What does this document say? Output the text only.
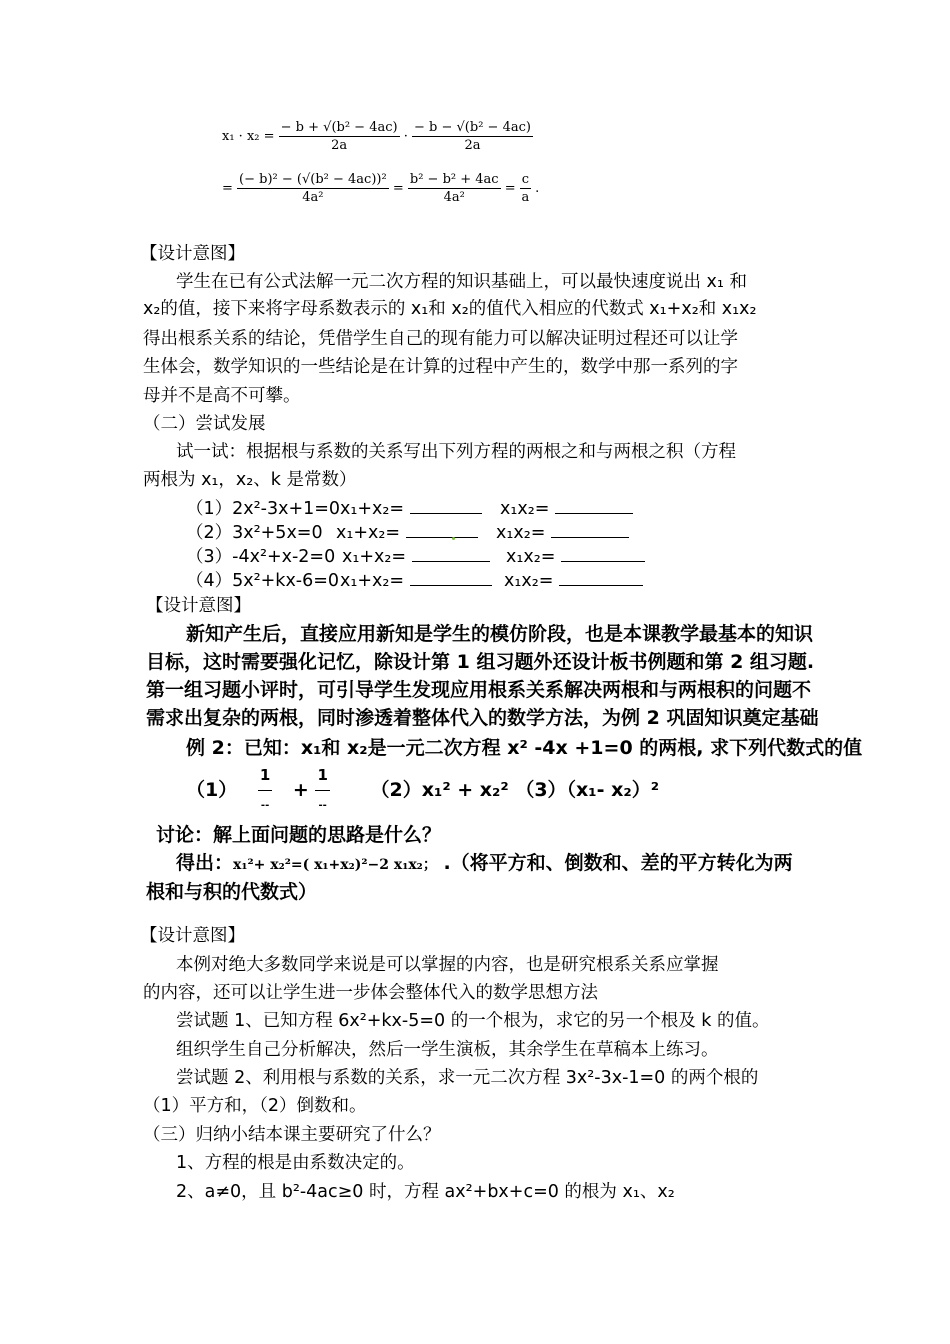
$x_1 \cdot x_2 = \frac{\text{− b + √(b² − 4ac)}}{2a} \cdot \frac{\text{− b − √(b² − 4ac)}}{2a}$
= $\frac{\text{(− b)² − (√(b² − 4ac))²}}{\text{4a²}} = \frac{\text{b² − b² + 4ac}}{\text{4a²}} = \frac{c}{a}$ .
【设计意图】
学生在已有公式法解一元二次方程的知识基础上，可以最快速度说出 x₁ 和
x₂的值，接下来将字母系数表示的 x₁和 x₂的值代入相应的代数式 x₁+x₂和 x₁x₂
得出根系关系的结论，凭借学生自己的现有能力可以解决证明过程还可以让学
生体会，数学知识的一些结论是在计算的过程中产生的，数学中那一系列的字
母并不是高不可攀。
（二）尝试发展
试一试：根据根与系数的关系写出下列方程的两根之和与两根之积（方程
两根为 x₁，x₂、k 是常数）
（1）2x²-3x+1=0 x₁+x₂=	x₁x₂=
（2）3x²+5x=0 x₁+x₂=	x₁x₂=
（3）-4x²+x-2=0 x₁+x₂=	x₁x₂=
（4）5x²+kx-6=0 x₁+x₂=	x₁x₂=
【设计意图】
新知产生后，直接应用新知是学生的模仿阶段，也是本课教学最基本的知识
目标，这时需要强化记忆，除设计第 1 组习题外还设计板书例题和第 2 组习题.
第一组习题小评时，可引导学生发现应用根系关系解决两根和与两根积的问题不
需求出复杂的两根，同时渗透着整体代入的数学方法，为例 2 巩固知识奠定基础
例 2：已知：x₁和 x₂是一元二次方程 x² -4x +1=0 的两根, 求下列代数式的值
$(1) \frac{1}{--} + \frac{1}{--} (2)x_1^2 + x_2^2$ （3）（x₁- x₂）²
讨论：解上面问题的思路是什么？
得出：x₁²+ x₂²=( x₁+x₂)²−2 x₁x₂； .（将平方和、倒数和、差的平方转化为两
根和与积的代数式）
【设计意图】
本例对绝大多数同学来说是可以掌握的内容，也是研究根系关系应掌握
的内容，还可以让学生进一步体会整体代入的数学思想方法
尝试题 1、已知方程 6x²+kx-5=0 的一个根为，求它的另一个根及 k 的值。
组织学生自己分析解决，然后一学生演板，其余学生在草稿本上练习。
尝试题 2、利用根与系数的关系，求一元二次方程 3x²-3x-1=0 的两个根的
（1）平方和，（2）倒数和。
（三）归纳小结本课主要研究了什么？
1、方程的根是由系数决定的。
2、a≠0，且 b²-4ac≥0 时，方程 ax²+bx+c=0 的根为 x₁、x₂
